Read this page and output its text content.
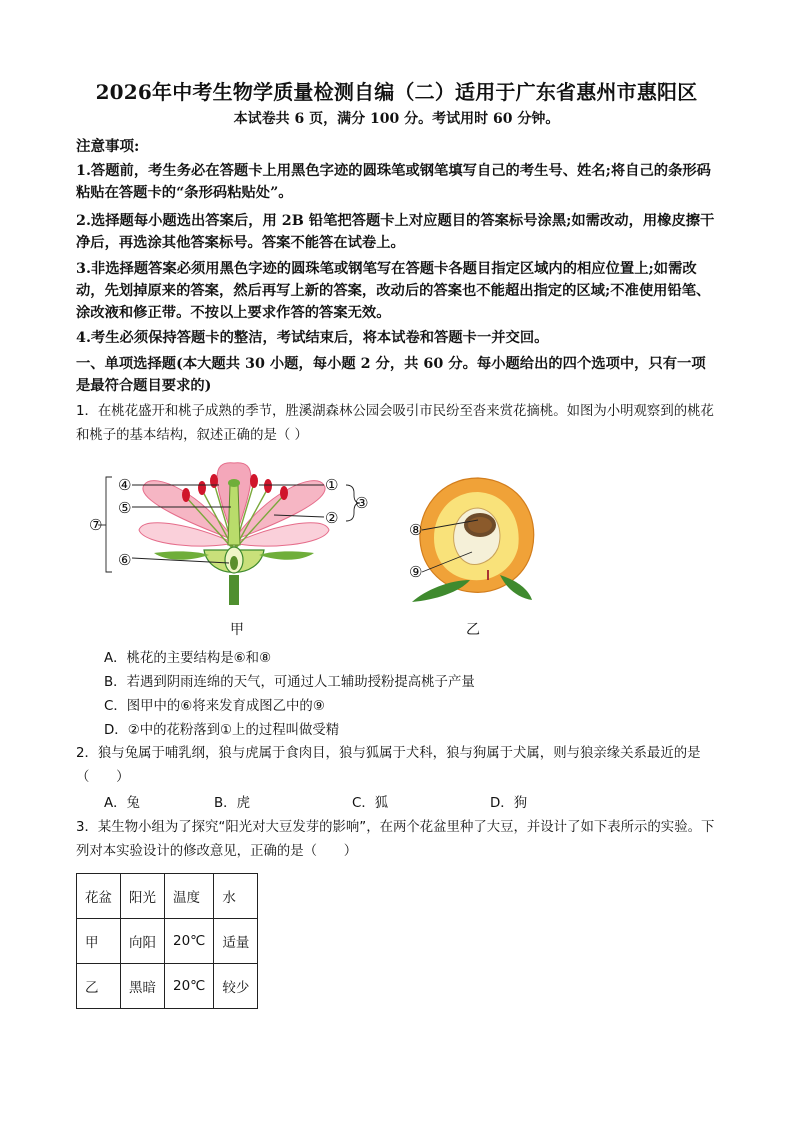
2026年中考生物学质量检测自编（二）适用于广东省惠州市惠阳区
本试卷共 6 页，满分 100 分。考试用时 60 分钟。
注意事项:
1.答题前，考生务必在答题卡上用黑色字迹的圆珠笔或钢笔填写自己的考生号、姓名;将自己的条形码粘贴在答题卡的“条形码粘贴处”。
2.选择题每小题选出答案后，用 2B 铅笔把答题卡上对应题目的答案标号涂黑;如需改动，用橡皮擦干净后，再选涂其他答案标号。答案不能答在试卷上。
3.非选择题答案必须用黑色字迹的圆珠笔或钢笔写在答题卡各题目指定区域内的相应位置上;如需改动，先划掉原来的答案，然后再写上新的答案，改动后的答案也不能超出指定的区域;不准使用铅笔、涂改液和修正带。不按以上要求作答的答案无效。
4.考生必须保持答题卡的整洁，考试结束后，将本试卷和答题卡一并交回。
一、单项选择题(本大题共 30 小题，每小题 2 分，共 60 分。每小题给出的四个选项中，只有一项是最符合题目要求的)
1．在桃花盛开和桃子成熟的季节，胜溪湖森林公园会吸引市民纷至沓来赏花摘桃。如图为小明观察到的桃花和桃子的基本结构，叙述正确的是（ ）
④
⑤
⑥
⑦
①
②
③
⑧
⑨
甲	乙
A．桃花的主要结构是⑥和⑧
B．若遇到阴雨连绵的天气，可通过人工辅助授粉提高桃子产量
C．图甲中的⑥将来发育成图乙中的⑨
D．②中的花粉落到①上的过程叫做受精
2．狼与兔属于哺乳纲，狼与虎属于食肉目，狼与狐属于犬科，狼与狗属于犬属，则与狼亲缘关系最近的是（　　）
A．兔	B．虎	C．狐	D．狗
3．某生物小组为了探究“阳光对大豆发芽的影响”，在两个花盆里种了大豆，并设计了如下表所示的实验。下列对本实验设计的修改意见，正确的是（　　）
花盆	阳光	温度	水
甲	向阳	20℃	适量
乙	黑暗	20℃	较少
